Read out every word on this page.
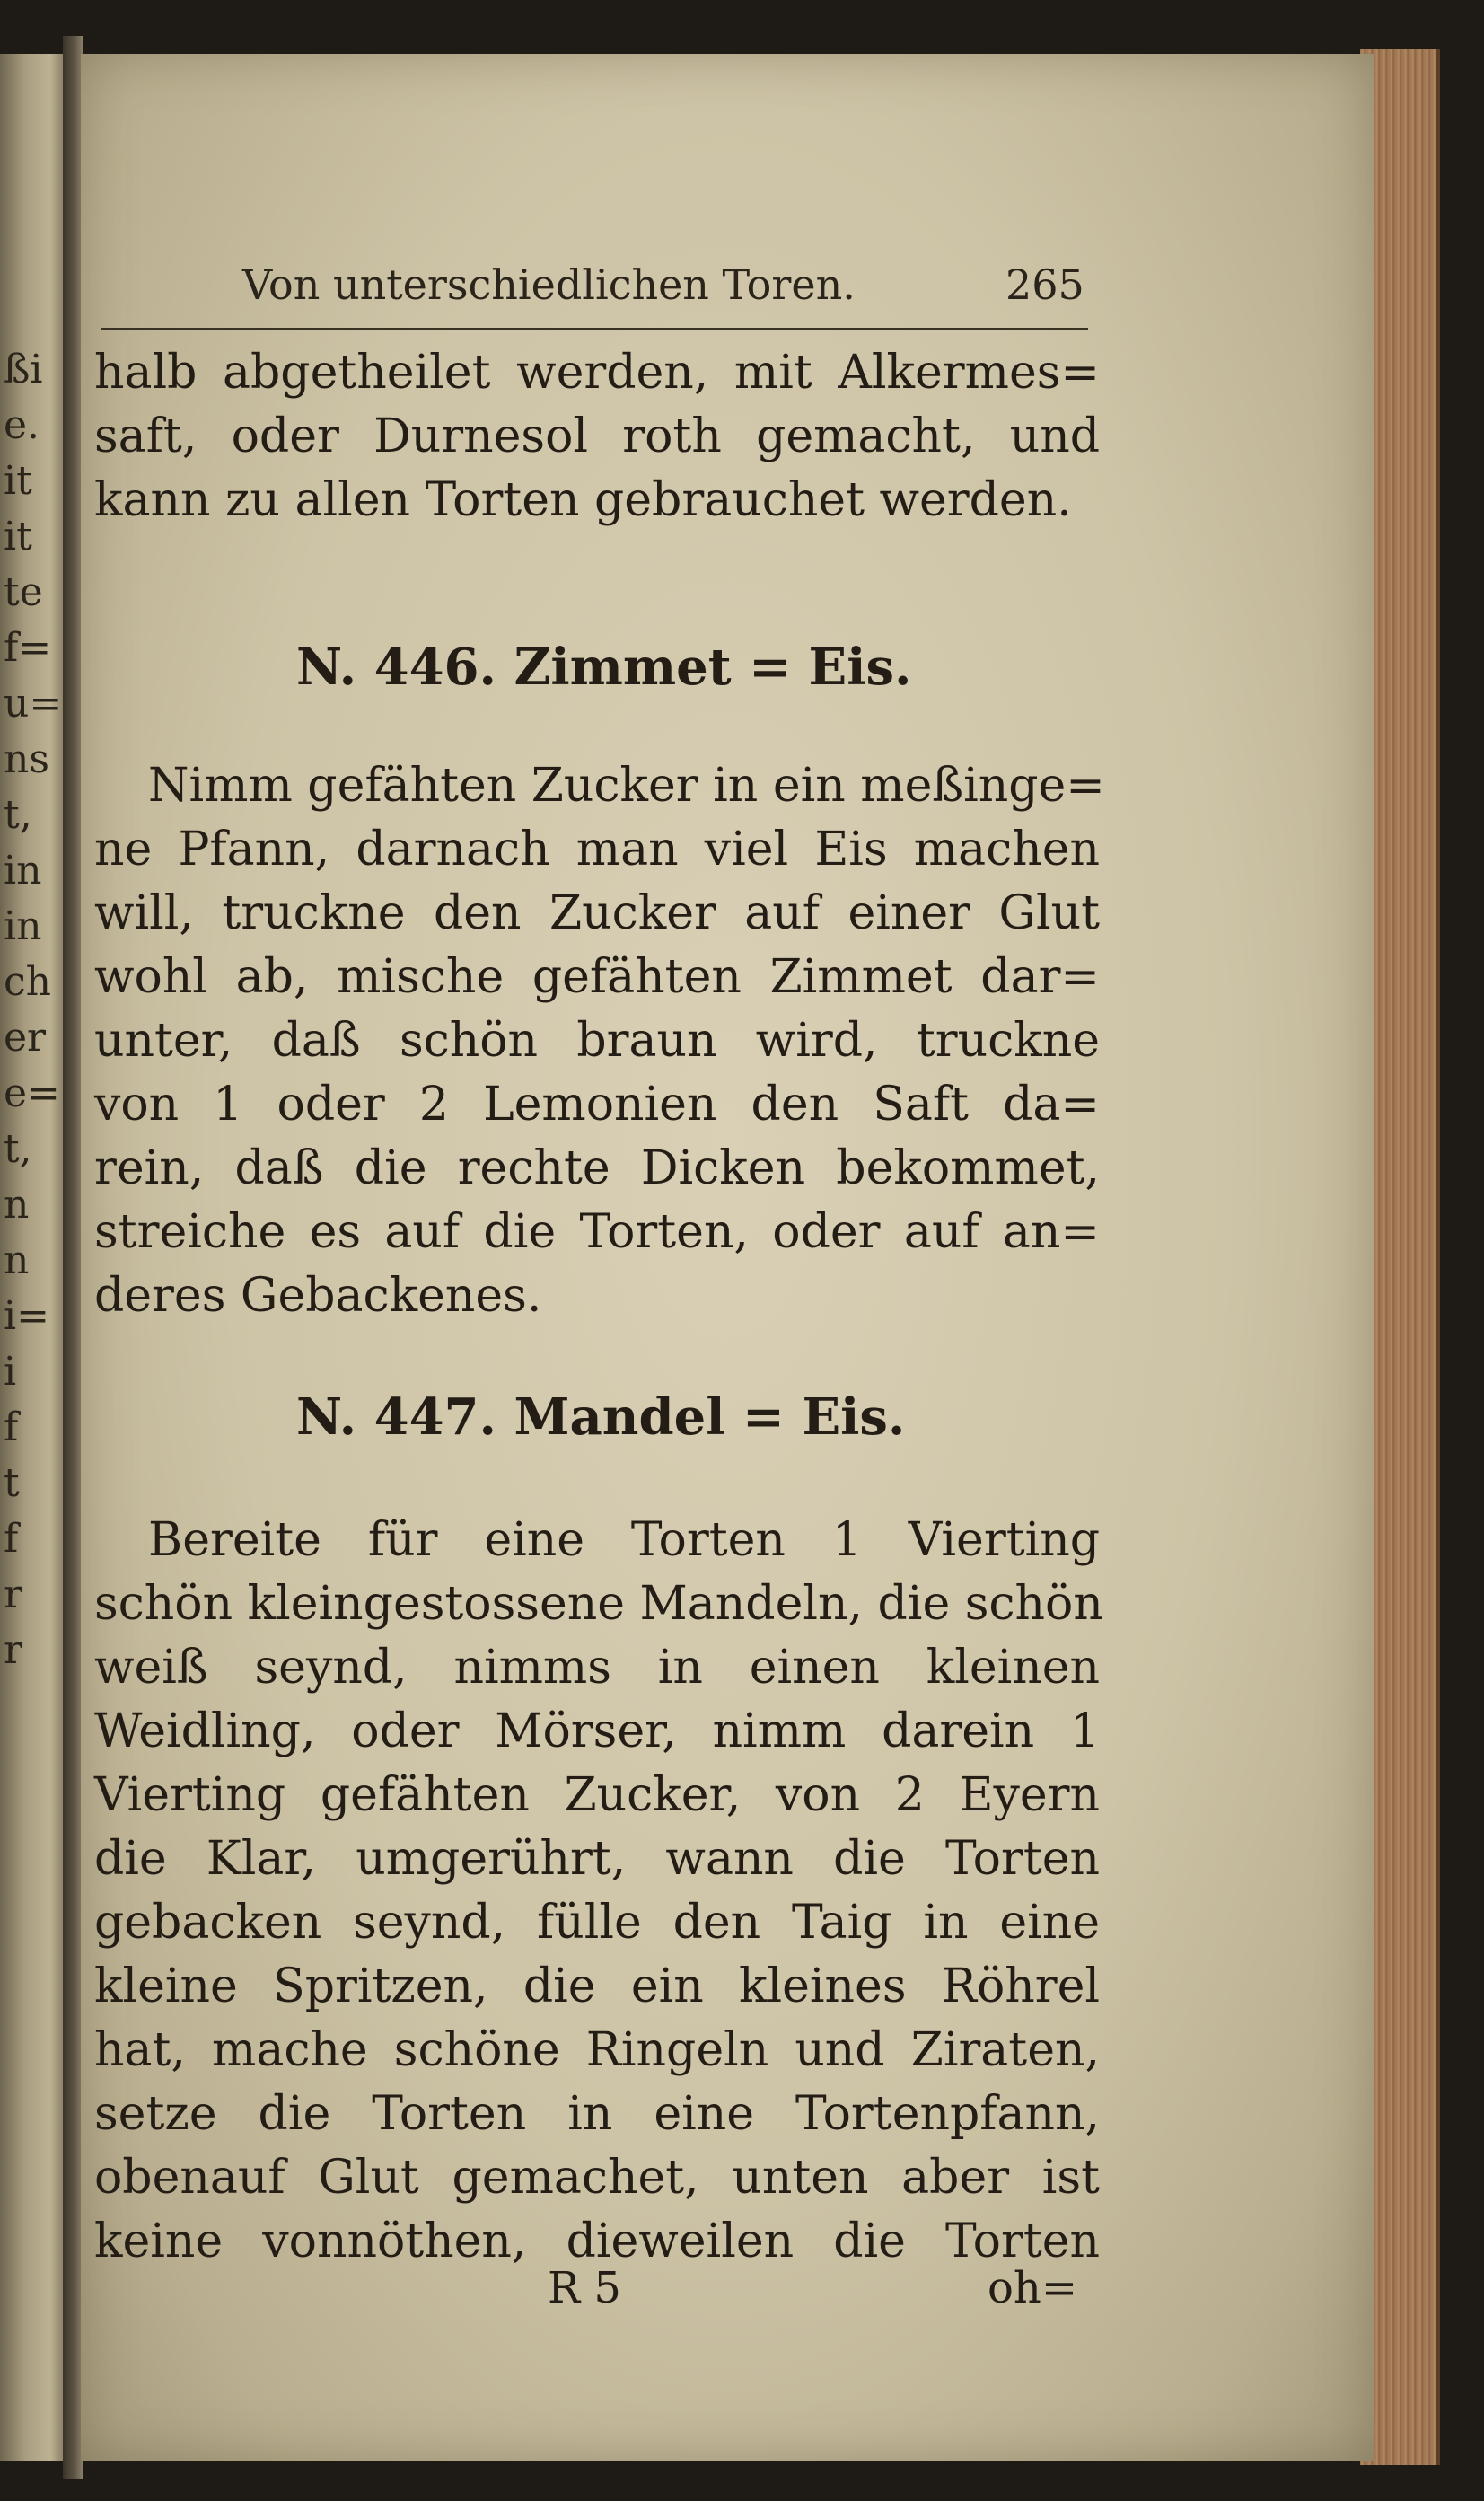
ßi
e.
it
it
te
f=
u=
ns
t,
in
in
ch
er
e=
t,
n
n
i=
i
f
t
f
r
r
Von unterschiedlichen Toren.	265
halb abgetheilet werden, mit Alkermes=
saft, oder Durnesol roth gemacht, und
kann zu allen Torten gebrauchet werden.
N. 446. Zimmet = Eis.
Nimm gefähten Zucker in ein meßinge=
ne Pfann, darnach man viel Eis machen
will, truckne den Zucker auf einer Glut
wohl ab, mische gefähten Zimmet dar=
unter, daß schön braun wird, truckne
von 1 oder 2 Lemonien den Saft da=
rein, daß die rechte Dicken bekommet,
streiche es auf die Torten, oder auf an=
deres Gebackenes.
N. 447. Mandel = Eis.
Bereite für eine Torten 1 Vierting
schön kleingestossene Mandeln, die schön
weiß seynd, nimms in einen kleinen
Weidling, oder Mörser, nimm darein 1
Vierting gefähten Zucker, von 2 Eyern
die Klar, umgerührt, wann die Torten
gebacken seynd, fülle den Taig in eine
kleine Spritzen, die ein kleines Röhrel
hat, mache schöne Ringeln und Ziraten,
setze die Torten in eine Tortenpfann,
obenauf Glut gemachet, unten aber ist
keine vonnöthen, dieweilen die Torten
R 5	oh=
